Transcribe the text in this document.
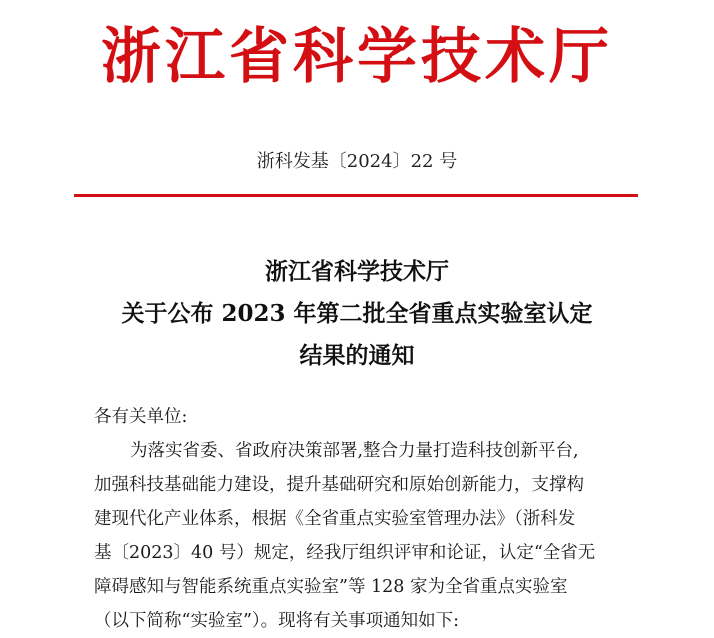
浙江省科学技术厅
浙科发基〔2024〕22 号
浙江省科学技术厅
关于公布 2023 年第二批全省重点实验室认定
结果的通知
各有关单位:
为落实省委、省政府决策部署,整合力量打造科技创新平台,
加强科技基础能力建设，提升基础研究和原始创新能力，支撑构
建现代化产业体系，根据《全省重点实验室管理办法》（浙科发
基〔2023〕40 号）规定，经我厅组织评审和论证，认定“全省无
障碍感知与智能系统重点实验室”等 128 家为全省重点实验室
（以下简称“实验室”）。现将有关事项通知如下:
